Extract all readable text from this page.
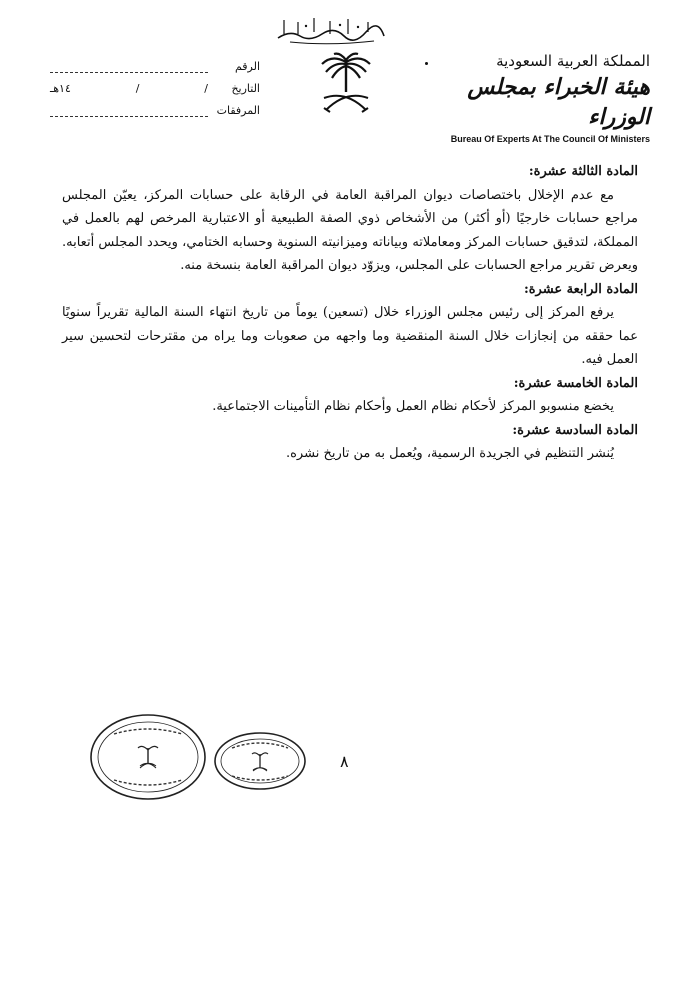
المملكة العربية السعودية
هيئة الخبراء بمجلس الوزراء
Bureau Of Experts At The Council Of Ministers
الرقم
التاريخ
/
/
١٤هـ
المرفقات

المادة الثالثة عشرة:

مع عدم الإخلال باختصاصات ديوان المراقبة العامة في الرقابة على حسابات المركز، يعيّن المجلس مراجع حسابات خارجيًا (أو أكثر) من الأشخاص ذوي الصفة الطبيعية أو الاعتبارية المرخص لهم بالعمل في المملكة، لتدقيق حسابات المركز ومعاملاته وبياناته وميزانيته السنوية وحسابه الختامي، ويحدد المجلس أتعابه. ويعرض تقرير مراجع الحسابات على المجلس، ويزوّد ديوان المراقبة العامة بنسخة منه.

المادة الرابعة عشرة:

يرفع المركز إلى رئيس مجلس الوزراء خلال (تسعين) يوماً من تاريخ انتهاء السنة المالية تقريراً سنويًا عما حققه من إنجازات خلال السنة المنقضية وما واجهه من صعوبات وما يراه من مقترحات لتحسين سير العمل فيه.

المادة الخامسة عشرة:

يخضع منسوبو المركز لأحكام نظام العمل وأحكام نظام التأمينات الاجتماعية.

المادة السادسة عشرة:

يُنشر التنظيم في الجريدة الرسمية، ويُعمل به من تاريخ نشره.

٨
